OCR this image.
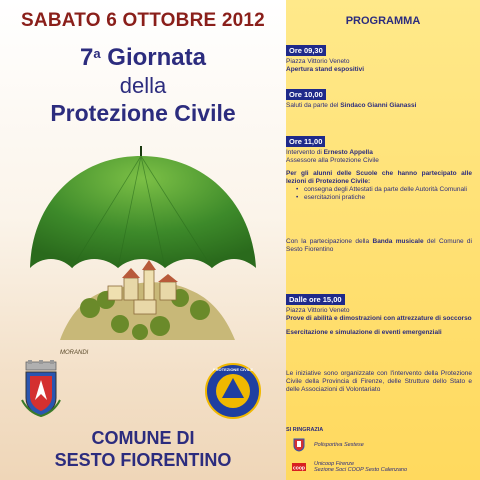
SABATO 6 OTTOBRE 2012
7$^a$ Giornata
della
Protezione Civile
MORANDI
PROTEZIONE CIVILE
COMUNE DI
SESTO FIORENTINO
PROGRAMMA
Ore 09,30
Piazza Vittorio Veneto
Apertura stand espositivi
Ore 10,00
Saluti da parte del Sindaco Gianni Gianassi
Ore 11,00
Intervento di Ernesto Appella
Assessore alla Protezione Civile
Per gli alunni delle Scuole che hanno partecipato alle lezioni di Protezione Civile:
• consegna degli Attestati da parte delle Autorità Comunali
• esercitazioni pratiche
Con la partecipazione della Banda musicale del Comune di Sesto Fiorentino
Dalle ore 15,00
Piazza Vittorio Veneto
Prove di abilità e dimostrazioni con attrezzature di soccorso
Esercitazione e simulazione di eventi emergenziali
Le iniziative sono organizzate con l'intervento della Protezione Civile della Provincia di Firenze, delle Strutture dello Stato e delle Associazioni di Volontariato
SI RINGRAZIA
Polisportiva Sestese
coop
Unicoop Firenze
Sezione Soci COOP Sesto Calenzano
